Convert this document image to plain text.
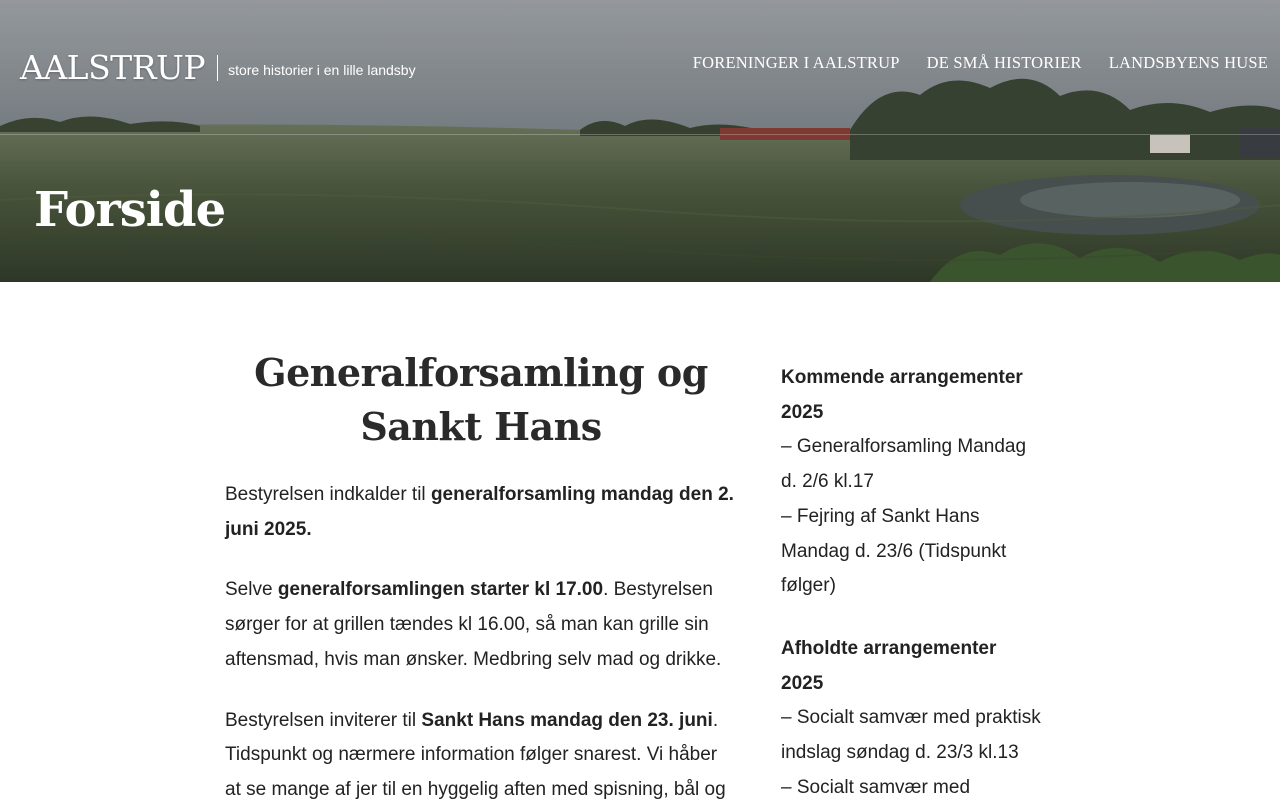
AALSTRUP store historier i en lille landsby	FORENINGER I AALSTRUP DE SMÅ HISTORIER LANDSBYENS HUSE
Forside
Generalforsamling og Sankt Hans

Bestyrelsen indkalder til generalforsamling mandag den 2. juni 2025.

Selve generalforsamlingen starter kl 17.00. Bestyrelsen sørger for at grillen tændes kl 16.00, så man kan grille sin aftensmad, hvis man ønsker. Medbring selv mad og drikke.

Bestyrelsen inviterer til Sankt Hans mandag den 23. juni. Tidspunkt og nærmere information følger snarest. Vi håber at se mange af jer til en hyggelig aften med spisning, bål og

Kommende arrangementer 2025
– Generalforsamling Mandag d. 2/6 kl.17
– Fejring af Sankt Hans Mandag d. 23/6 (Tidspunkt følger)
Afholdte arrangementer 2025
– Socialt samvær med praktisk indslag søndag d. 23/3 kl.13
– Socialt samvær med
